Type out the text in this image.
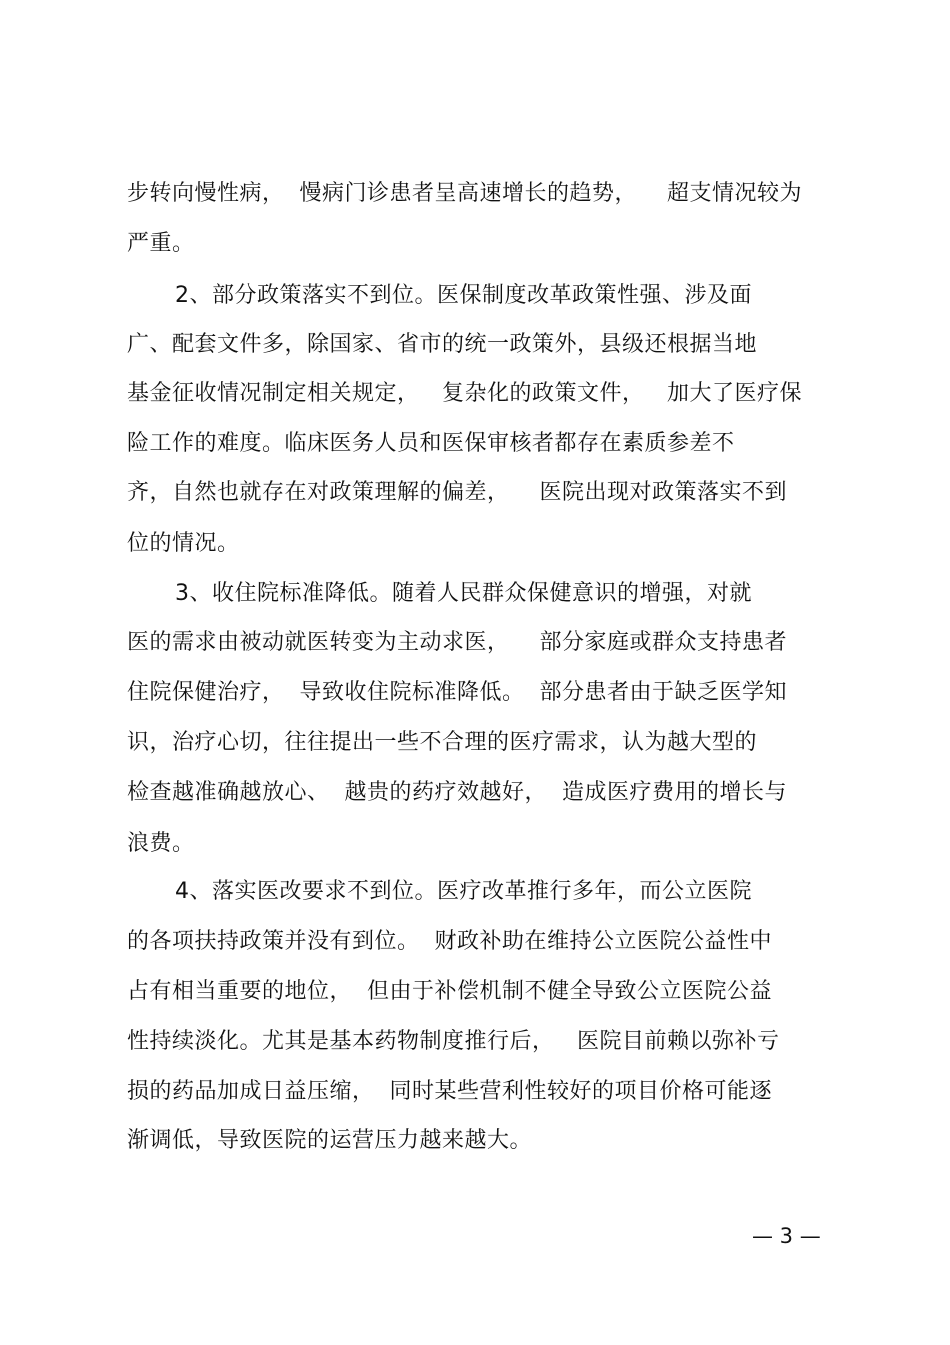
步转向慢性病，  慢病门诊患者呈高速增长的趋势，    超支情况较为
严重。
2、部分政策落实不到位。医保制度改革政策性强、涉及面
广、配套文件多，除国家、省市的统一政策外，县级还根据当地
基金征收情况制定相关规定，   复杂化的政策文件，   加大了医疗保
险工作的难度。临床医务人员和医保审核者都存在素质参差不
齐，自然也就存在对政策理解的偏差，    医院出现对政策落实不到
位的情况。
3、收住院标准降低。随着人民群众保健意识的增强，对就
医的需求由被动就医转变为主动求医，    部分家庭或群众支持患者
住院保健治疗，  导致收住院标准降低。  部分患者由于缺乏医学知
识，治疗心切，往往提出一些不合理的医疗需求，认为越大型的
检查越准确越放心、  越贵的药疗效越好，  造成医疗费用的增长与
浪费。
4、落实医改要求不到位。医疗改革推行多年，而公立医院
的各项扶持政策并没有到位。  财政补助在维持公立医院公益性中
占有相当重要的地位，  但由于补偿机制不健全导致公立医院公益
性持续淡化。尤其是基本药物制度推行后，   医院目前赖以弥补亏
损的药品加成日益压缩，  同时某些营利性较好的项目价格可能逐
渐调低，导致医院的运营压力越来越大。
— 3 —
